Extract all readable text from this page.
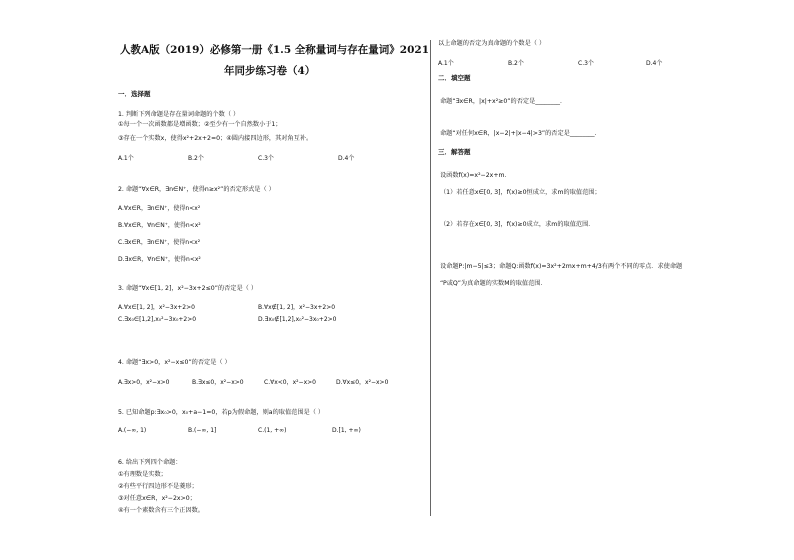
人教A版（2019）必修第一册《1.5 全称量词与存在量词》2021
年同步练习卷（4）
一．选择题
1. 判断下列命题是存在量词命题的个数（ ）
①每一个一次函数都是增函数；②至少有一个自然数小于1；
③存在一个实数x，使得x²+2x+2=0；④圆内接四边形，其对角互补。
A.1个	B.2个	C.3个	D.4个
2. 命题“∀x∈R，∃n∈N⁺，使得n≥x²”的否定形式是（ ）
A.∀x∈R，∃n∈N⁺，使得n<x²
B.∀x∈R，∀n∈N⁺，使得n<x²
C.∃x∈R，∃n∈N⁺，使得n<x²
D.∃x∈R，∀n∈N⁺，使得n<x²
3. 命题“∀x∈[1, 2]，x²−3x+2≤0”的否定是（ ）
A.∀x∈[1, 2]，x²−3x+2>0	B.∀x∉[1, 2]，x²−3x+2>0
C.∃x₀∈[1,2],x₀²−3x₀+2>0	D.∃x₀∉[1,2],x₀²−3x₀+2>0
4. 命题“∃x>0，x²−x≤0”的否定是（ ）
A.∃x>0，x²−x>0	B.∃x≤0，x²−x>0	C.∀x<0，x²−x>0	D.∀x≤0，x²−x>0
5. 已知命题p:∃x₀>0，x₀+a−1=0，若p为假命题，则a的取值范围是（ ）
A.(−∞, 1)	B.(−∞, 1]	C.(1, +∞)	D.[1, +∞)
6. 给出下列四个命题：
①有理数是实数；
②有些平行四边形不是菱形；
③对任意x∈R，x²−2x>0；
④有一个素数含有三个正因数。
以上命题的否定为真命题的个数是（ ）
A.1个	B.2个	C.3个	D.4个
二．填空题
命题“∃x∈R，|x|+x²≥0”的否定是________．
命题“对任何x∈R，|x−2|+|x−4|>3”的否定是________．
三．解答题
设函数f(x)=x²−2x+m．
（1）若任意x∈[0, 3]，f(x)≥0恒成立，求m的取值范围；
（2）若存在x∈[0, 3]，f(x)≥0成立，求m的取值范围．
设命题P:|m−5|≤3；命题Q:函数f(x)=3x²+2mx+m+4/3有两个不同的零点．求使命题
“P或Q”为真命题的实数M的取值范围．
